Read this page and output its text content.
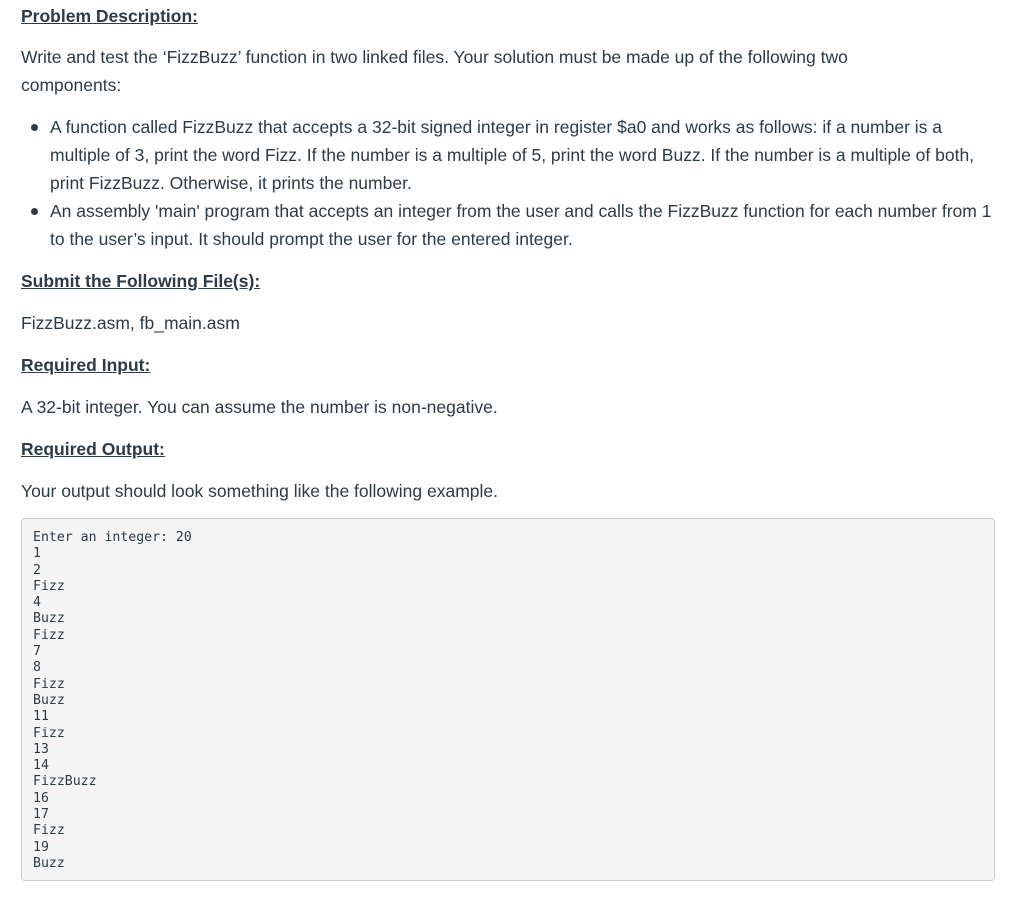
Problem Description:

Write and test the ‘FizzBuzz’ function in two linked files. Your solution must be made up of the following two components:

A function called FizzBuzz that accepts a 32-bit signed integer in register $a0 and works as follows: if a number is a multiple of 3, print the word Fizz. If the number is a multiple of 5, print the word Buzz. If the number is a multiple of both, print FizzBuzz. Otherwise, it prints the number.
An assembly 'main' program that accepts an integer from the user and calls the FizzBuzz function for each number from 1 to the user’s input. It should prompt the user for the entered integer.
Submit the Following File(s):

FizzBuzz.asm, fb_main.asm

Required Input:

A 32-bit integer. You can assume the number is non-negative.

Required Output:

Your output should look something like the following example.

Enter an integer: 20
1
2
Fizz
4
Buzz
Fizz
7
8
Fizz
Buzz
11
Fizz
13
14
FizzBuzz
16
17
Fizz
19
Buzz
